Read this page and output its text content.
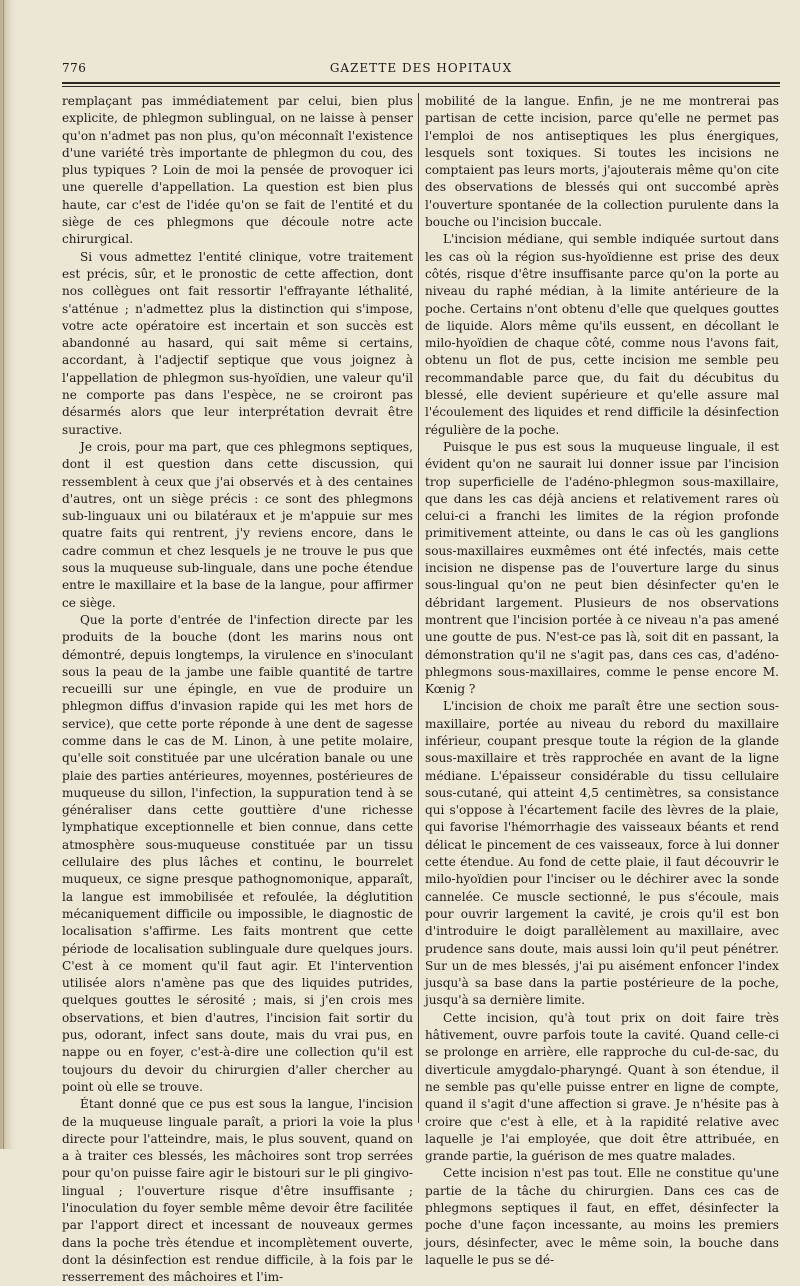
776	GAZETTE DES HOPITAUX

remplaçant pas immédiatement par celui, bien plus explicite, de phlegmon sublingual, on ne laisse à penser qu'on n'admet pas non plus, qu'on méconnaît l'existence d'une variété très importante de phlegmon du cou, des plus typiques ? Loin de moi la pensée de provoquer ici une querelle d'appellation. La question est bien plus haute, car c'est de l'idée qu'on se fait de l'entité et du siège de ces phlegmons que découle notre acte chirurgical.

Si vous admettez l'entité clinique, votre traitement est précis, sûr, et le pronostic de cette affection, dont nos collègues ont fait ressortir l'effrayante léthalité, s'atténue ; n'admettez plus la distinction qui s'impose, votre acte opératoire est incertain et son succès est abandonné au hasard, qui sait même si certains, accordant, à l'adjectif septique que vous joignez à l'appellation de phlegmon sus-hyoïdien, une valeur qu'il ne comporte pas dans l'espèce, ne se croiront pas désarmés alors que leur interprétation devrait être suractive.

Je crois, pour ma part, que ces phlegmons septiques, dont il est question dans cette discussion, qui ressemblent à ceux que j'ai observés et à des centaines d'autres, ont un siège précis : ce sont des phlegmons sub-linguaux uni ou bilatéraux et je m'appuie sur mes quatre faits qui rentrent, j'y reviens encore, dans le cadre commun et chez lesquels je ne trouve le pus que sous la muqueuse sub-linguale, dans une poche étendue entre le maxillaire et la base de la langue, pour affirmer ce siège.

Que la porte d'entrée de l'infection directe par les produits de la bouche (dont les marins nous ont démontré, depuis longtemps, la virulence en s'inoculant sous la peau de la jambe une faible quantité de tartre recueilli sur une épingle, en vue de produire un phlegmon diffus d'invasion rapide qui les met hors de service), que cette porte réponde à une dent de sagesse comme dans le cas de M. Linon, à une petite molaire, qu'elle soit constituée par une ulcération banale ou une plaie des parties antérieures, moyennes, postérieures de muqueuse du sillon, l'infection, la suppuration tend à se généraliser dans cette gouttière d'une richesse lymphatique exceptionnelle et bien connue, dans cette atmosphère sous-muqueuse constituée par un tissu cellulaire des plus lâches et continu, le bourrelet muqueux, ce signe presque pathognomonique, apparaît, la langue est immobilisée et refoulée, la déglutition mécaniquement difficile ou impossible, le diagnostic de localisation s'affirme. Les faits montrent que cette période de localisation sublinguale dure quelques jours. C'est à ce moment qu'il faut agir. Et l'intervention utilisée alors n'amène pas que des liquides putrides, quelques gouttes le sérosité ; mais, si j'en crois mes observations, et bien d'autres, l'incision fait sortir du pus, odorant, infect sans doute, mais du vrai pus, en nappe ou en foyer, c'est-à-dire une collection qu'il est toujours du devoir du chirurgien d'aller chercher au point où elle se trouve.

Étant donné que ce pus est sous la langue, l'incision de la muqueuse linguale paraît, a priori la voie la plus directe pour l'atteindre, mais, le plus souvent, quand on a à traiter ces blessés, les mâchoires sont trop serrées pour qu'on puisse faire agir le bistouri sur le pli gingivo-lingual ; l'ouverture risque d'être insuffisante ; l'inoculation du foyer semble même devoir être facilitée par l'apport direct et incessant de nouveaux germes dans la poche très étendue et incomplètement ouverte, dont la désinfection est rendue difficile, à la fois par le resserrement des mâchoires et l'im-

mobilité de la langue. Enfin, je ne me montrerai pas partisan de cette incision, parce qu'elle ne permet pas l'emploi de nos antiseptiques les plus énergiques, lesquels sont toxiques. Si toutes les incisions ne comptaient pas leurs morts, j'ajouterais même qu'on cite des observations de blessés qui ont succombé après l'ouverture spontanée de la collection purulente dans la bouche ou l'incision buccale.

L'incision médiane, qui semble indiquée surtout dans les cas où la région sus-hyoïdienne est prise des deux côtés, risque d'être insuffisante parce qu'on la porte au niveau du raphé médian, à la limite antérieure de la poche. Certains n'ont obtenu d'elle que quelques gouttes de liquide. Alors même qu'ils eussent, en décollant le milo-hyoïdien de chaque côté, comme nous l'avons fait, obtenu un flot de pus, cette incision me semble peu recommandable parce que, du fait du décubitus du blessé, elle devient supérieure et qu'elle assure mal l'écoulement des liquides et rend difficile la désinfection régulière de la poche.

Puisque le pus est sous la muqueuse linguale, il est évident qu'on ne saurait lui donner issue par l'incision trop superficielle de l'adéno-phlegmon sous-maxillaire, que dans les cas déjà anciens et relativement rares où celui-ci a franchi les limites de la région profonde primitivement atteinte, ou dans le cas où les ganglions sous-maxillaires euxmêmes ont été infectés, mais cette incision ne dispense pas de l'ouverture large du sinus sous-lingual qu'on ne peut bien désinfecter qu'en le débridant largement. Plusieurs de nos observations montrent que l'incision portée à ce niveau n'a pas amené une goutte de pus. N'est-ce pas là, soit dit en passant, la démonstration qu'il ne s'agit pas, dans ces cas, d'adéno-phlegmons sous-maxillaires, comme le pense encore M. Kœnig ?

L'incision de choix me paraît être une section sous-maxillaire, portée au niveau du rebord du maxillaire inférieur, coupant presque toute la région de la glande sous-maxillaire et très rapprochée en avant de la ligne médiane. L'épaisseur considérable du tissu cellulaire sous-cutané, qui atteint 4,5 centimètres, sa consistance qui s'oppose à l'écartement facile des lèvres de la plaie, qui favorise l'hémorrhagie des vaisseaux béants et rend délicat le pincement de ces vaisseaux, force à lui donner cette étendue. Au fond de cette plaie, il faut découvrir le milo-hyoïdien pour l'inciser ou le déchirer avec la sonde cannelée. Ce muscle sectionné, le pus s'écoule, mais pour ouvrir largement la cavité, je crois qu'il est bon d'introduire le doigt parallèlement au maxillaire, avec prudence sans doute, mais aussi loin qu'il peut pénétrer. Sur un de mes blessés, j'ai pu aisément enfoncer l'index jusqu'à sa base dans la partie postérieure de la poche, jusqu'à sa dernière limite.

Cette incision, qu'à tout prix on doit faire très hâtivement, ouvre parfois toute la cavité. Quand celle-ci se prolonge en arrière, elle rapproche du cul-de-sac, du diverticule amygdalo-pharyngé. Quant à son étendue, il ne semble pas qu'elle puisse entrer en ligne de compte, quand il s'agit d'une affection si grave. Je n'hésite pas à croire que c'est à elle, et à la rapidité relative avec laquelle je l'ai employée, que doit être attribuée, en grande partie, la guérison de mes quatre malades.

Cette incision n'est pas tout. Elle ne constitue qu'une partie de la tâche du chirurgien. Dans ces cas de phlegmons septiques il faut, en effet, désinfecter la poche d'une façon incessante, au moins les premiers jours, désinfecter, avec le même soin, la bouche dans laquelle le pus se dé-
